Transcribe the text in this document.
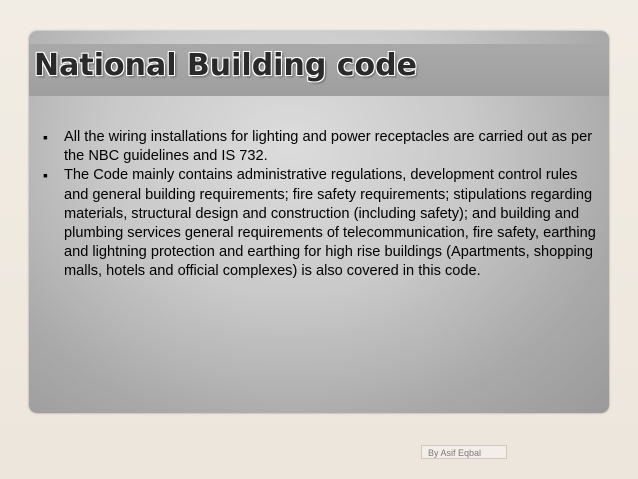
National Building code
▪ All the wiring installations for lighting and power receptacles are carried out as per the NBC guidelines and IS 732.
▪ The Code mainly contains administrative regulations, development control rules and general building requirements; fire safety requirements; stipulations regarding materials, structural design and construction (including safety); and building and plumbing services general requirements of telecommunication, fire safety, earthing and lightning protection and earthing for high rise buildings (Apartments, shopping malls, hotels and official complexes) is also covered in this code.
By Asif Eqbal
